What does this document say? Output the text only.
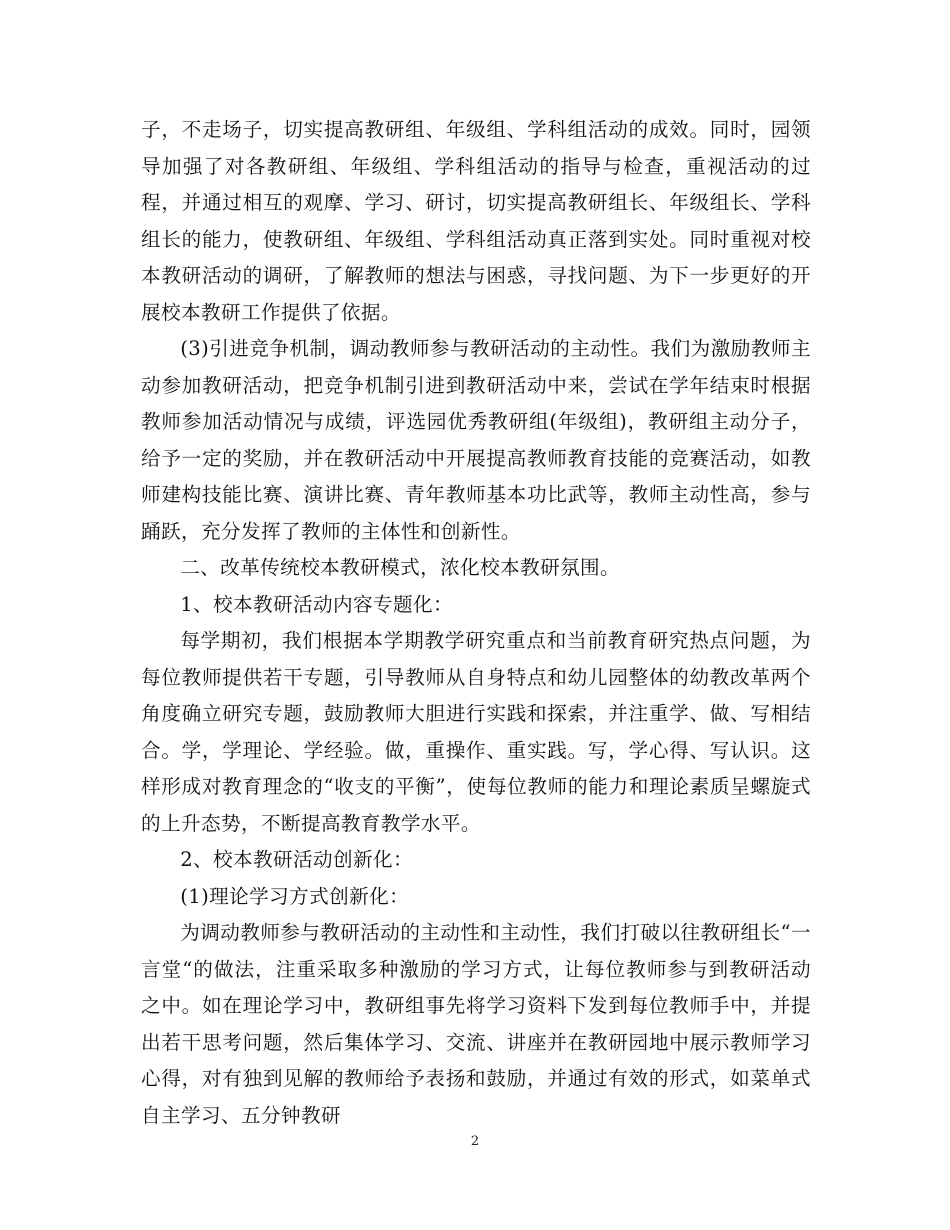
子，不走场子，切实提高教研组、年级组、学科组活动的成效。同时，园领导加强了对各教研组、年级组、学科组活动的指导与检查，重视活动的过程，并通过相互的观摩、学习、研讨，切实提高教研组长、年级组长、学科组长的能力，使教研组、年级组、学科组活动真正落到实处。同时重视对校本教研活动的调研，了解教师的想法与困惑，寻找问题、为下一步更好的开展校本教研工作提供了依据。

(3)引进竞争机制，调动教师参与教研活动的主动性。我们为激励教师主动参加教研活动，把竞争机制引进到教研活动中来，尝试在学年结束时根据教师参加活动情况与成绩，评选园优秀教研组(年级组)，教研组主动分子，给予一定的奖励，并在教研活动中开展提高教师教育技能的竞赛活动，如教师建构技能比赛、演讲比赛、青年教师基本功比武等，教师主动性高，参与踊跃，充分发挥了教师的主体性和创新性。

二、改革传统校本教研模式，浓化校本教研氛围。

1、校本教研活动内容专题化：

每学期初，我们根据本学期教学研究重点和当前教育研究热点问题，为每位教师提供若干专题，引导教师从自身特点和幼儿园整体的幼教改革两个角度确立研究专题，鼓励教师大胆进行实践和探索，并注重学、做、写相结合。学，学理论、学经验。做，重操作、重实践。写，学心得、写认识。这样形成对教育理念的“收支的平衡”，使每位教师的能力和理论素质呈螺旋式的上升态势，不断提高教育教学水平。

2、校本教研活动创新化：

(1)理论学习方式创新化：

为调动教师参与教研活动的主动性和主动性，我们打破以往教研组长“一言堂“的做法，注重采取多种激励的学习方式，让每位教师参与到教研活动之中。如在理论学习中，教研组事先将学习资料下发到每位教师手中，并提出若干思考问题，然后集体学习、交流、讲座并在教研园地中展示教师学习心得，对有独到见解的教师给予表扬和鼓励，并通过有效的形式，如菜单式自主学习、五分钟教研

2
